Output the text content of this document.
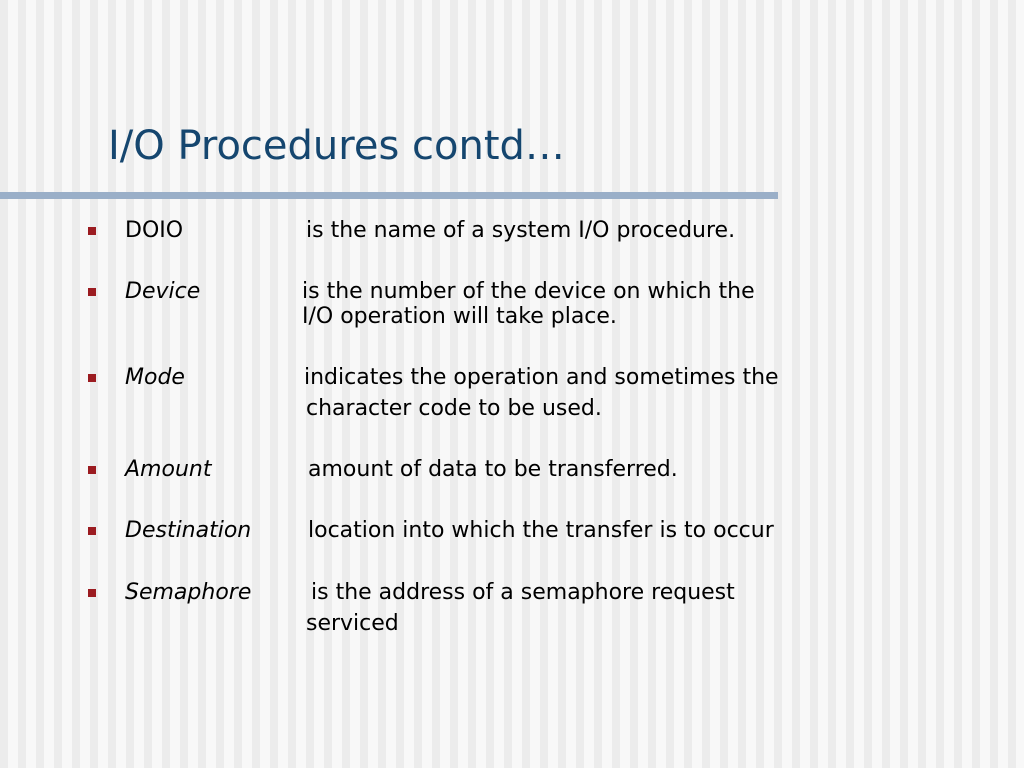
I/O Procedures contd…
DOIO	is the name of a system I/O procedure.
Device	is the number of the device on which the
I/O operation will take place.
Mode	indicates the operation and sometimes the
character code to be used.
Amount	amount of data to be transferred.
Destination	location into which the transfer is to occur
Semaphore	is the address of a semaphore request
serviced
